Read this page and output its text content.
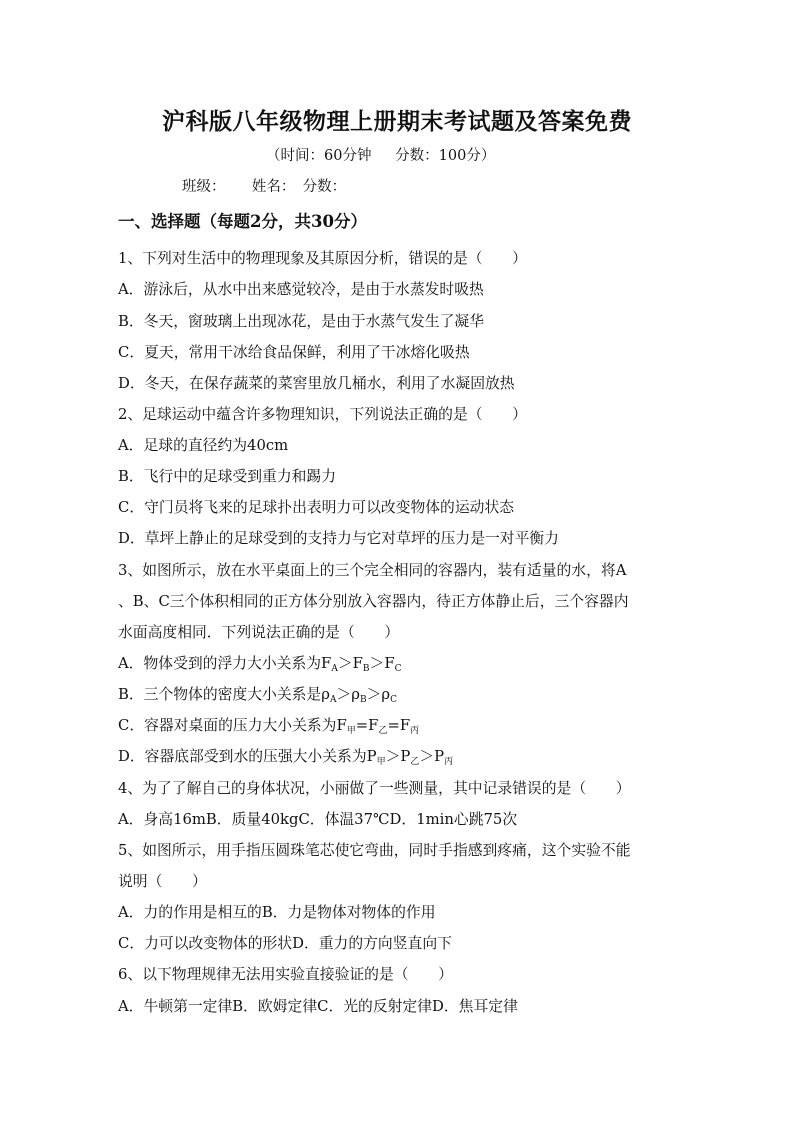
沪科版八年级物理上册期末考试题及答案免费
（时间：60分钟　  分数：100分）
班级：　　 姓名：　分数：
一、选择题（每题2分，共30分）
1、下列对生活中的物理现象及其原因分析，错误的是（　　）
A．游泳后，从水中出来感觉较冷，是由于水蒸发时吸热
B．冬天，窗玻璃上出现冰花，是由于水蒸气发生了凝华
C．夏天，常用干冰给食品保鲜，利用了干冰熔化吸热
D．冬天，在保存蔬菜的菜窖里放几桶水，利用了水凝固放热
2、足球运动中蕴含许多物理知识，下列说法正确的是（　　）
A．足球的直径约为40cm
B．飞行中的足球受到重力和踢力
C．守门员将飞来的足球扑出表明力可以改变物体的运动状态
D．草坪上静止的足球受到的支持力与它对草坪的压力是一对平衡力
3、如图所示，放在水平桌面上的三个完全相同的容器内，装有适量的水，将A
、B、C三个体积相同的正方体分别放入容器内，待正方体静止后，三个容器内
水面高度相同．下列说法正确的是（　　）
A．物体受到的浮力大小关系为$F_A>F_B>F_C$
B．三个物体的密度大小关系是$\rho_A>\rho_B>\rho_C$
C．容器对桌面的压力大小关系为$F_甲=F_乙=F_丙$
D．容器底部受到水的压强大小关系为$P_甲>P_乙>P_丙$
4、为了了解自己的身体状况，小丽做了一些测量，其中记录错误的是（　　）
A．身高16mB．质量40kgC．体温37℃D．1min心跳75次
5、如图所示，用手指压圆珠笔芯使它弯曲，同时手指感到疼痛，这个实验不能
说明（　　）
A．力的作用是相互的B．力是物体对物体的作用
C．力可以改变物体的形状D．重力的方向竖直向下
6、以下物理规律无法用实验直接验证的是（　　）
A．牛顿第一定律B．欧姆定律C．光的反射定律D．焦耳定律
